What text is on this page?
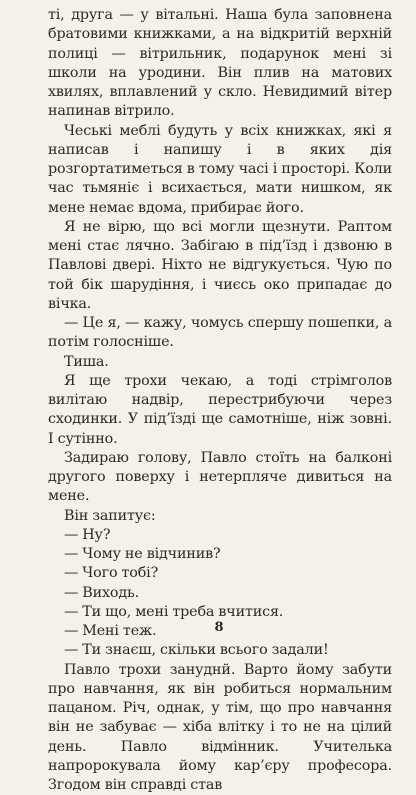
ті, друга — у вітальні. Наша була заповнена братовими книжками, а на відкритій верхній полиці — вітрильник, подарунок мені зі школи на уродини. Він плив на матових хвилях, вплавлений у скло. Невидимий вітер напинав вітрило.

Чеські меблі будуть у всіх книжках, які я написав і напишу і в яких дія розгортатиметься в тому часі і просторі. Коли час тьмяніє і всихається, мати нишком, як мене немає вдома, прибирає його.

Я не вірю, що всі могли щезнути. Раптом мені стає лячно. Забігаю в під’їзд і дзвоню в Павлові двері. Ніхто не відгукується. Чую по той бік шарудіння, і чиєсь око припадає до вічка.

— Це я, — кажу, чомусь спершу пошепки, а потім голосніше.

Тиша.

Я ще трохи чекаю, а тоді стрімголов вилітаю надвір, перестрибуючи через сходинки. У під’їзді ще самотніше, ніж зовні. І сутінно.

Задираю голову, Павло стоїть на балконі другого поверху і нетерпляче дивиться на мене.

Він запитує:

— Ну?

— Чому не відчинив?

— Чого тобі?

— Виходь.

— Ти що, мені треба вчитися.

— Мені теж.

— Ти знаєш, скільки всього задали!

Павло трохи зануднй. Варто йому забути про навчання, як він робиться нормальним пацаном. Річ, однак, у тім, що про навчання він не забуває — хіба влітку і то не на цілий день. Павло відмінник. Учителька напророкувала йому кар’єру професора. Згодом він справді став

8
